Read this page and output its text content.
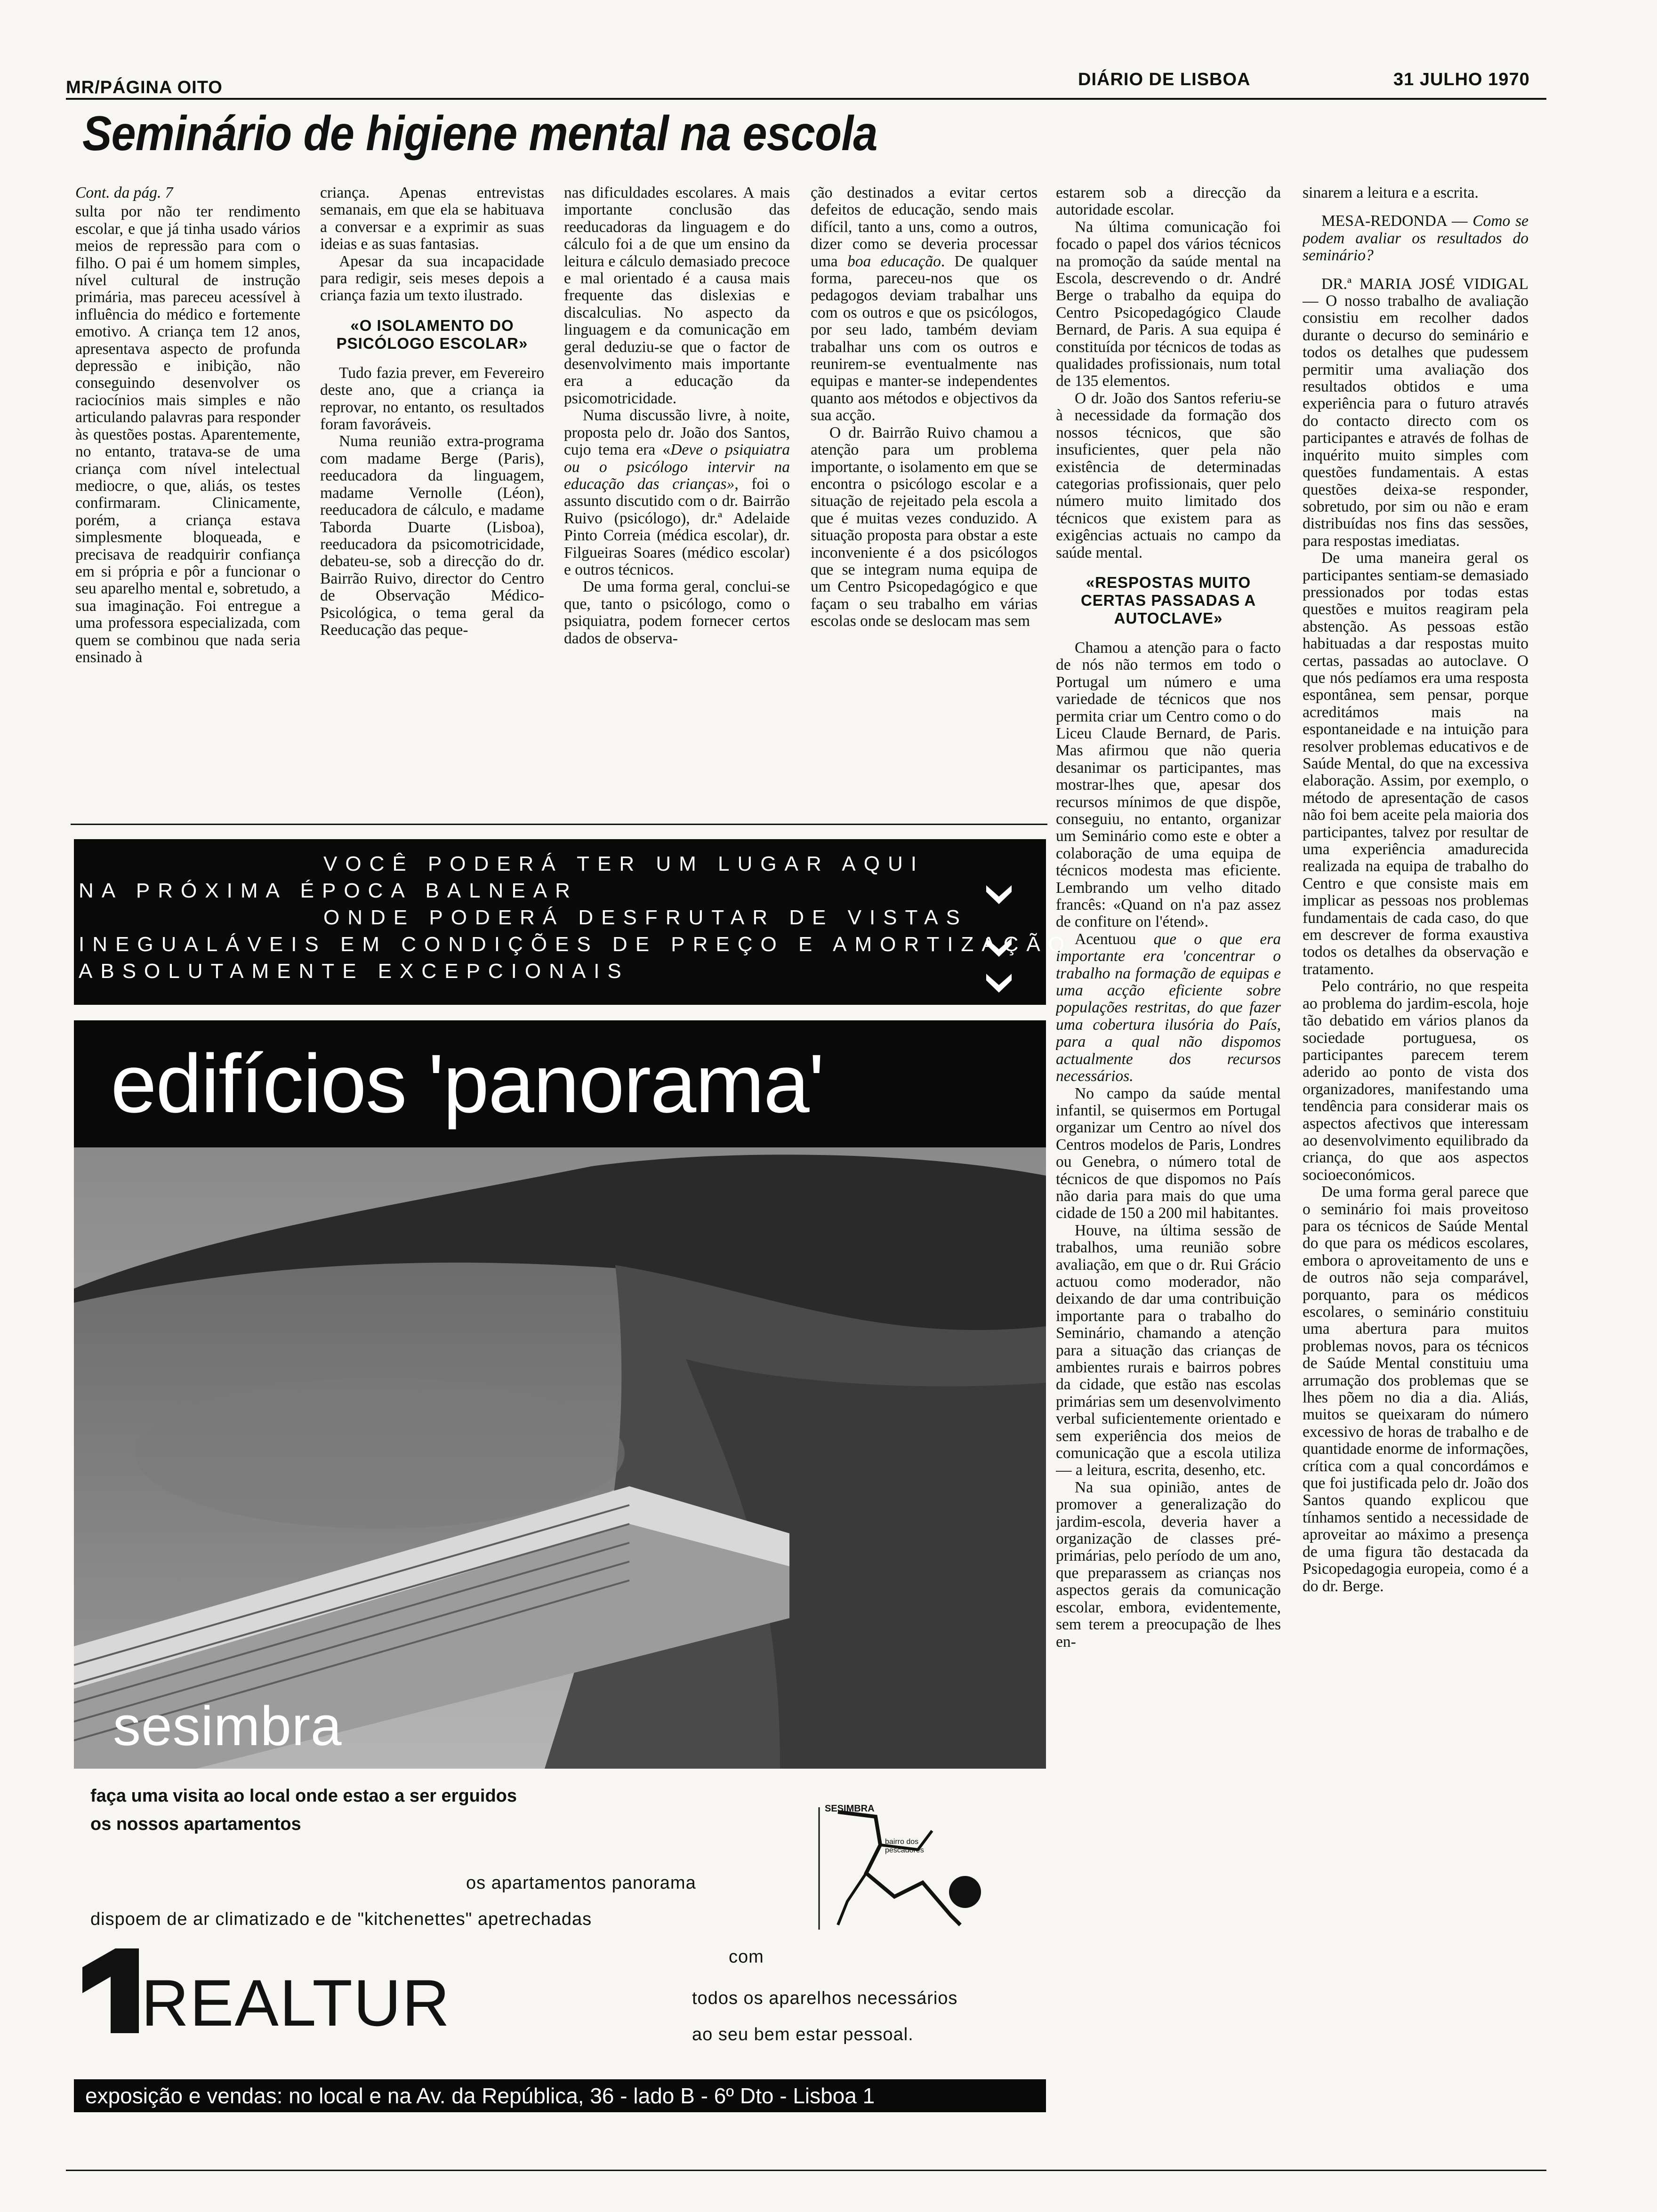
MR/PÁGINA OITO	DIÁRIO DE LISBOA	31 JULHO 1970
Seminário de higiene mental na escola

Cont. da pág. 7

sulta por não ter rendimento escolar, e que já tinha usado vários meios de repressão para com o filho. O pai é um homem simples, nível cultural de instrução primária, mas pareceu acessível à influência do médico e fortemente emotivo. A criança tem 12 anos, apresentava aspecto de profunda depressão e inibição, não conseguindo desenvolver os raciocínios mais simples e não articulando palavras para responder às questões postas. Aparentemente, no entanto, tratava-se de uma criança com nível intelectual mediocre, o que, aliás, os testes confirmaram. Clinicamente, porém, a criança estava simplesmente bloqueada, e precisava de readquirir confiança em si própria e pôr a funcionar o seu aparelho mental e, sobretudo, a sua imaginação. Foi entregue a uma professora especializada, com quem se combinou que nada seria ensinado à

criança. Apenas entrevistas semanais, em que ela se habituava a conversar e a exprimir as suas ideias e as suas fantasias.

Apesar da sua incapacidade para redigir, seis meses depois a criança fazia um texto ilustrado.

«O ISOLAMENTO DO PSICÓLOGO ESCOLAR»

Tudo fazia prever, em Fevereiro deste ano, que a criança ia reprovar, no entanto, os resultados foram favoráveis.

Numa reunião extra-programa com madame Berge (Paris), reeducadora da linguagem, madame Vernolle (Léon), reeducadora de cálculo, e madame Taborda Duarte (Lisboa), reeducadora da psicomotricidade, debateu-se, sob a direcção do dr. Bairrão Ruivo, director do Centro de Observação Médico-Psicológica, o tema geral da Reeducação das peque-

nas dificuldades escolares. A mais importante conclusão das reeducadoras da linguagem e do cálculo foi a de que um ensino da leitura e cálculo demasiado precoce e mal orientado é a causa mais frequente das dislexias e discalculias. No aspecto da linguagem e da comunicação em geral deduziu-se que o factor de desenvolvimento mais importante era a educação da psicomotricidade.

Numa discussão livre, à noite, proposta pelo dr. João dos Santos, cujo tema era «Deve o psiquiatra ou o psicólogo intervir na educação das crianças», foi o assunto discutido com o dr. Bairrão Ruivo (psicólogo), dr.ª Adelaide Pinto Correia (médica escolar), dr. Filgueiras Soares (médico escolar) e outros técnicos.

De uma forma geral, conclui-se que, tanto o psicólogo, como o psiquiatra, podem fornecer certos dados de observa-

ção destinados a evitar certos defeitos de educação, sendo mais difícil, tanto a uns, como a outros, dizer como se deveria processar uma boa educação. De qualquer forma, pareceu-nos que os pedagogos deviam trabalhar uns com os outros e que os psicólogos, por seu lado, também deviam trabalhar uns com os outros e reunirem-se eventualmente nas equipas e manter-se independentes quanto aos métodos e objectivos da sua acção.

O dr. Bairrão Ruivo chamou a atenção para um problema importante, o isolamento em que se encontra o psicólogo escolar e a situação de rejeitado pela escola a que é muitas vezes conduzido. A situação proposta para obstar a este inconveniente é a dos psicólogos que se integram numa equipa de um Centro Psicopedagógico e que façam o seu trabalho em várias escolas onde se deslocam mas sem

estarem sob a direcção da autoridade escolar.

Na última comunicação foi focado o papel dos vários técnicos na promoção da saúde mental na Escola, descrevendo o dr. André Berge o trabalho da equipa do Centro Psicopedagógico Claude Bernard, de Paris. A sua equipa é constituída por técnicos de todas as qualidades profissionais, num total de 135 elementos.

O dr. João dos Santos referiu-se à necessidade da formação dos nossos técnicos, que são insuficientes, quer pela não existência de determinadas categorias profissionais, quer pelo número muito limitado dos técnicos que existem para as exigências actuais no campo da saúde mental.

«RESPOSTAS MUITO CERTAS PASSADAS A AUTOCLAVE»

Chamou a atenção para o facto de nós não termos em todo o Portugal um número e uma variedade de técnicos que nos permita criar um Centro como o do Liceu Claude Bernard, de Paris. Mas afirmou que não queria desanimar os participantes, mas mostrar-lhes que, apesar dos recursos mínimos de que dispõe, conseguiu, no entanto, organizar um Seminário como este e obter a colaboração de uma equipa de técnicos modesta mas eficiente. Lembrando um velho ditado francês: «Quand on n'a paz assez de confiture on l'étend».

Acentuou que o que era importante era 'concentrar o trabalho na formação de equipas e uma acção eficiente sobre populações restritas, do que fazer uma cobertura ilusória do País, para a qual não dispomos actualmente dos recursos necessários.

No campo da saúde mental infantil, se quisermos em Portugal organizar um Centro ao nível dos Centros modelos de Paris, Londres ou Genebra, o número total de técnicos de que dispomos no País não daria para mais do que uma cidade de 150 a 200 mil habitantes.

Houve, na última sessão de trabalhos, uma reunião sobre avaliação, em que o dr. Rui Grácio actuou como moderador, não deixando de dar uma contribuição importante para o trabalho do Seminário, chamando a atenção para a situação das crianças de ambientes rurais e bairros pobres da cidade, que estão nas escolas primárias sem um desenvolvimento verbal suficientemente orientado e sem experiência dos meios de comunicação que a escola utiliza — a leitura, escrita, desenho, etc.

Na sua opinião, antes de promover a generalização do jardim-escola, deveria haver a organização de classes pré-primárias, pelo período de um ano, que preparassem as crianças nos aspectos gerais da comunicação escolar, embora, evidentemente, sem terem a preocupação de lhes en-

sinarem a leitura e a escrita.

MESA-REDONDA — Como se podem avaliar os resultados do seminário?

DR.ª MARIA JOSÉ VIDIGAL — O nosso trabalho de avaliação consistiu em recolher dados durante o decurso do seminário e todos os detalhes que pudessem permitir uma avaliação dos resultados obtidos e uma experiência para o futuro através do contacto directo com os participantes e através de folhas de inquérito muito simples com questões fundamentais. A estas questões deixa-se responder, sobretudo, por sim ou não e eram distribuídas nos fins das sessões, para respostas imediatas.

De uma maneira geral os participantes sentiam-se demasiado pressionados por todas estas questões e muitos reagiram pela abstenção. As pessoas estão habituadas a dar respostas muito certas, passadas ao autoclave. O que nós pedíamos era uma resposta espontânea, sem pensar, porque acreditámos mais na espontaneidade e na intuição para resolver problemas educativos e de Saúde Mental, do que na excessiva elaboração. Assim, por exemplo, o método de apresentação de casos não foi bem aceite pela maioria dos participantes, talvez por resultar de uma experiência amadurecida realizada na equipa de trabalho do Centro e que consiste mais em implicar as pessoas nos problemas fundamentais de cada caso, do que em descrever de forma exaustiva todos os detalhes da observação e tratamento.

Pelo contrário, no que respeita ao problema do jardim-escola, hoje tão debatido em vários planos da sociedade portuguesa, os participantes parecem terem aderido ao ponto de vista dos organizadores, manifestando uma tendência para considerar mais os aspectos afectivos que interessam ao desenvolvimento equilibrado da criança, do que aos aspectos socioeconómicos.

De uma forma geral parece que o seminário foi mais proveitoso para os técnicos de Saúde Mental do que para os médicos escolares, embora o aproveitamento de uns e de outros não seja comparável, porquanto, para os médicos escolares, o seminário constituiu uma abertura para muitos problemas novos, para os técnicos de Saúde Mental constituiu uma arrumação dos problemas que se lhes põem no dia a dia. Aliás, muitos se queixaram do número excessivo de horas de trabalho e de quantidade enorme de informações, crítica com a qual concordámos e que foi justificada pelo dr. João dos Santos quando explicou que tínhamos sentido a necessidade de aproveitar ao máximo a presença de uma figura tão destacada da Psicopedagogia europeia, como é a do dr. Berge.

VOCÊ PODERÁ TER UM LUGAR AQUI
NA PRÓXIMA ÉPOCA BALNEAR
ONDE PODERÁ DESFRUTAR DE VISTAS
INEGUALÁVEIS EM CONDIÇÕES DE PREÇO E AMORTIZAÇÃO
ABSOLUTAMENTE EXCEPCIONAIS
edifícios 'panorama'
sesimbra
faça uma visita ao local onde estao a ser erguidos
os nossos apartamentos
os apartamentos panorama
dispoem de ar climatizado e de "kitchenettes" apetrechadas
com
todos os aparelhos necessários
ao seu bem estar pessoal.
SESIMBRA
bairro dos pescadores
REALTUR
exposição e vendas: no local e na Av. da República, 36 - lado B - 6º Dto - Lisboa 1
